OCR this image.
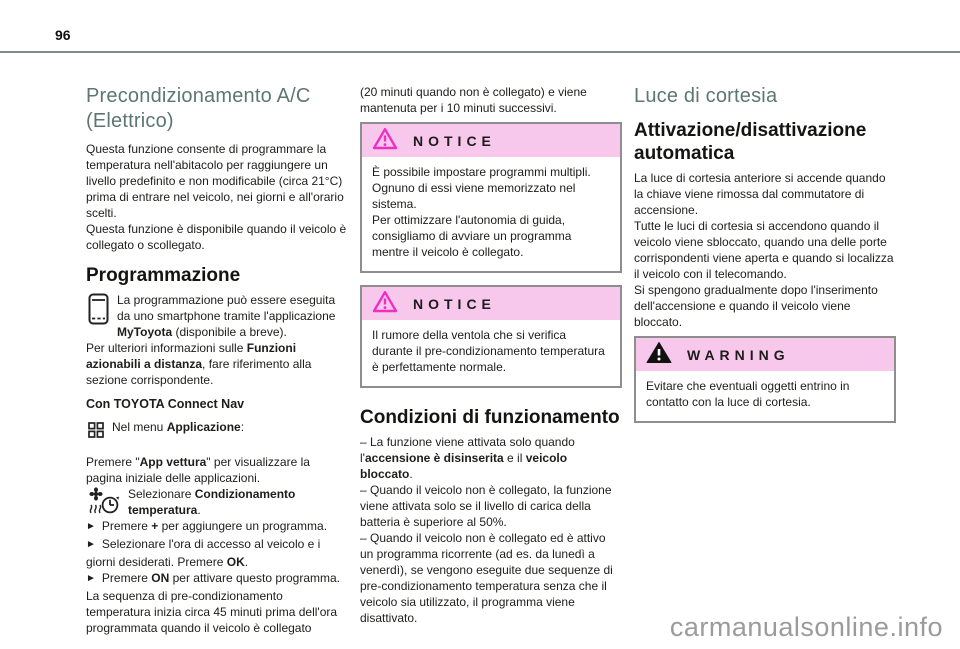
96
Precondizionamento A/C (Elettrico)

Questa funzione consente di programmare la temperatura nell'abitacolo per raggiungere un livello predefinito e non modificabile (circa 21°C) prima di entrare nel veicolo, nei giorni e all'orario scelti.

Questa funzione è disponibile quando il veicolo è collegato o scollegato.

Programmazione
La programmazione può essere eseguita da uno smartphone tramite l'applicazione MyToyota (disponibile a breve).

Per ulteriori informazioni sulle Funzioni azionabili a distanza, fare riferimento alla sezione corrispondente.

Con TOYOTA Connect Nav

Nel menu Applicazione:

Premere "App vettura" per visualizzare la pagina iniziale delle applicazioni.

Selezionare Condizionamento temperatura.

► Premere + per aggiungere un programma.

► Selezionare l'ora di accesso al veicolo e i giorni desiderati. Premere OK.

► Premere ON per attivare questo programma.

La sequenza di pre-condizionamento temperatura inizia circa 45 minuti prima dell'ora programmata quando il veicolo è collegato

(20 minuti quando non è collegato) e viene mantenuta per i 10 minuti successivi.

NOTICE

È possibile impostare programmi multipli. Ognuno di essi viene memorizzato nel sistema.

Per ottimizzare l'autonomia di guida, consigliamo di avviare un programma mentre il veicolo è collegato.

NOTICE

Il rumore della ventola che si verifica durante il pre-condizionamento temperatura è perfettamente normale.

Condizioni di funzionamento

– La funzione viene attivata solo quando l'accensione è disinserita e il veicolo bloccato.

– Quando il veicolo non è collegato, la funzione viene attivata solo se il livello di carica della batteria è superiore al 50%.

– Quando il veicolo non è collegato ed è attivo un programma ricorrente (ad es. da lunedì a venerdì), se vengono eseguite due sequenze di pre-condizionamento temperatura senza che il veicolo sia utilizzato, il programma viene disattivato.

Luce di cortesia
Attivazione/disattivazione automatica

La luce di cortesia anteriore si accende quando la chiave viene rimossa dal commutatore di accensione.

Tutte le luci di cortesia si accendono quando il veicolo viene sbloccato, quando una delle porte corrispondenti viene aperta e quando si localizza il veicolo con il telecomando.

Si spengono gradualmente dopo l'inserimento dell'accensione e quando il veicolo viene bloccato.

WARNING

Evitare che eventuali oggetti entrino in contatto con la luce di cortesia.

carmanualsonline.info
